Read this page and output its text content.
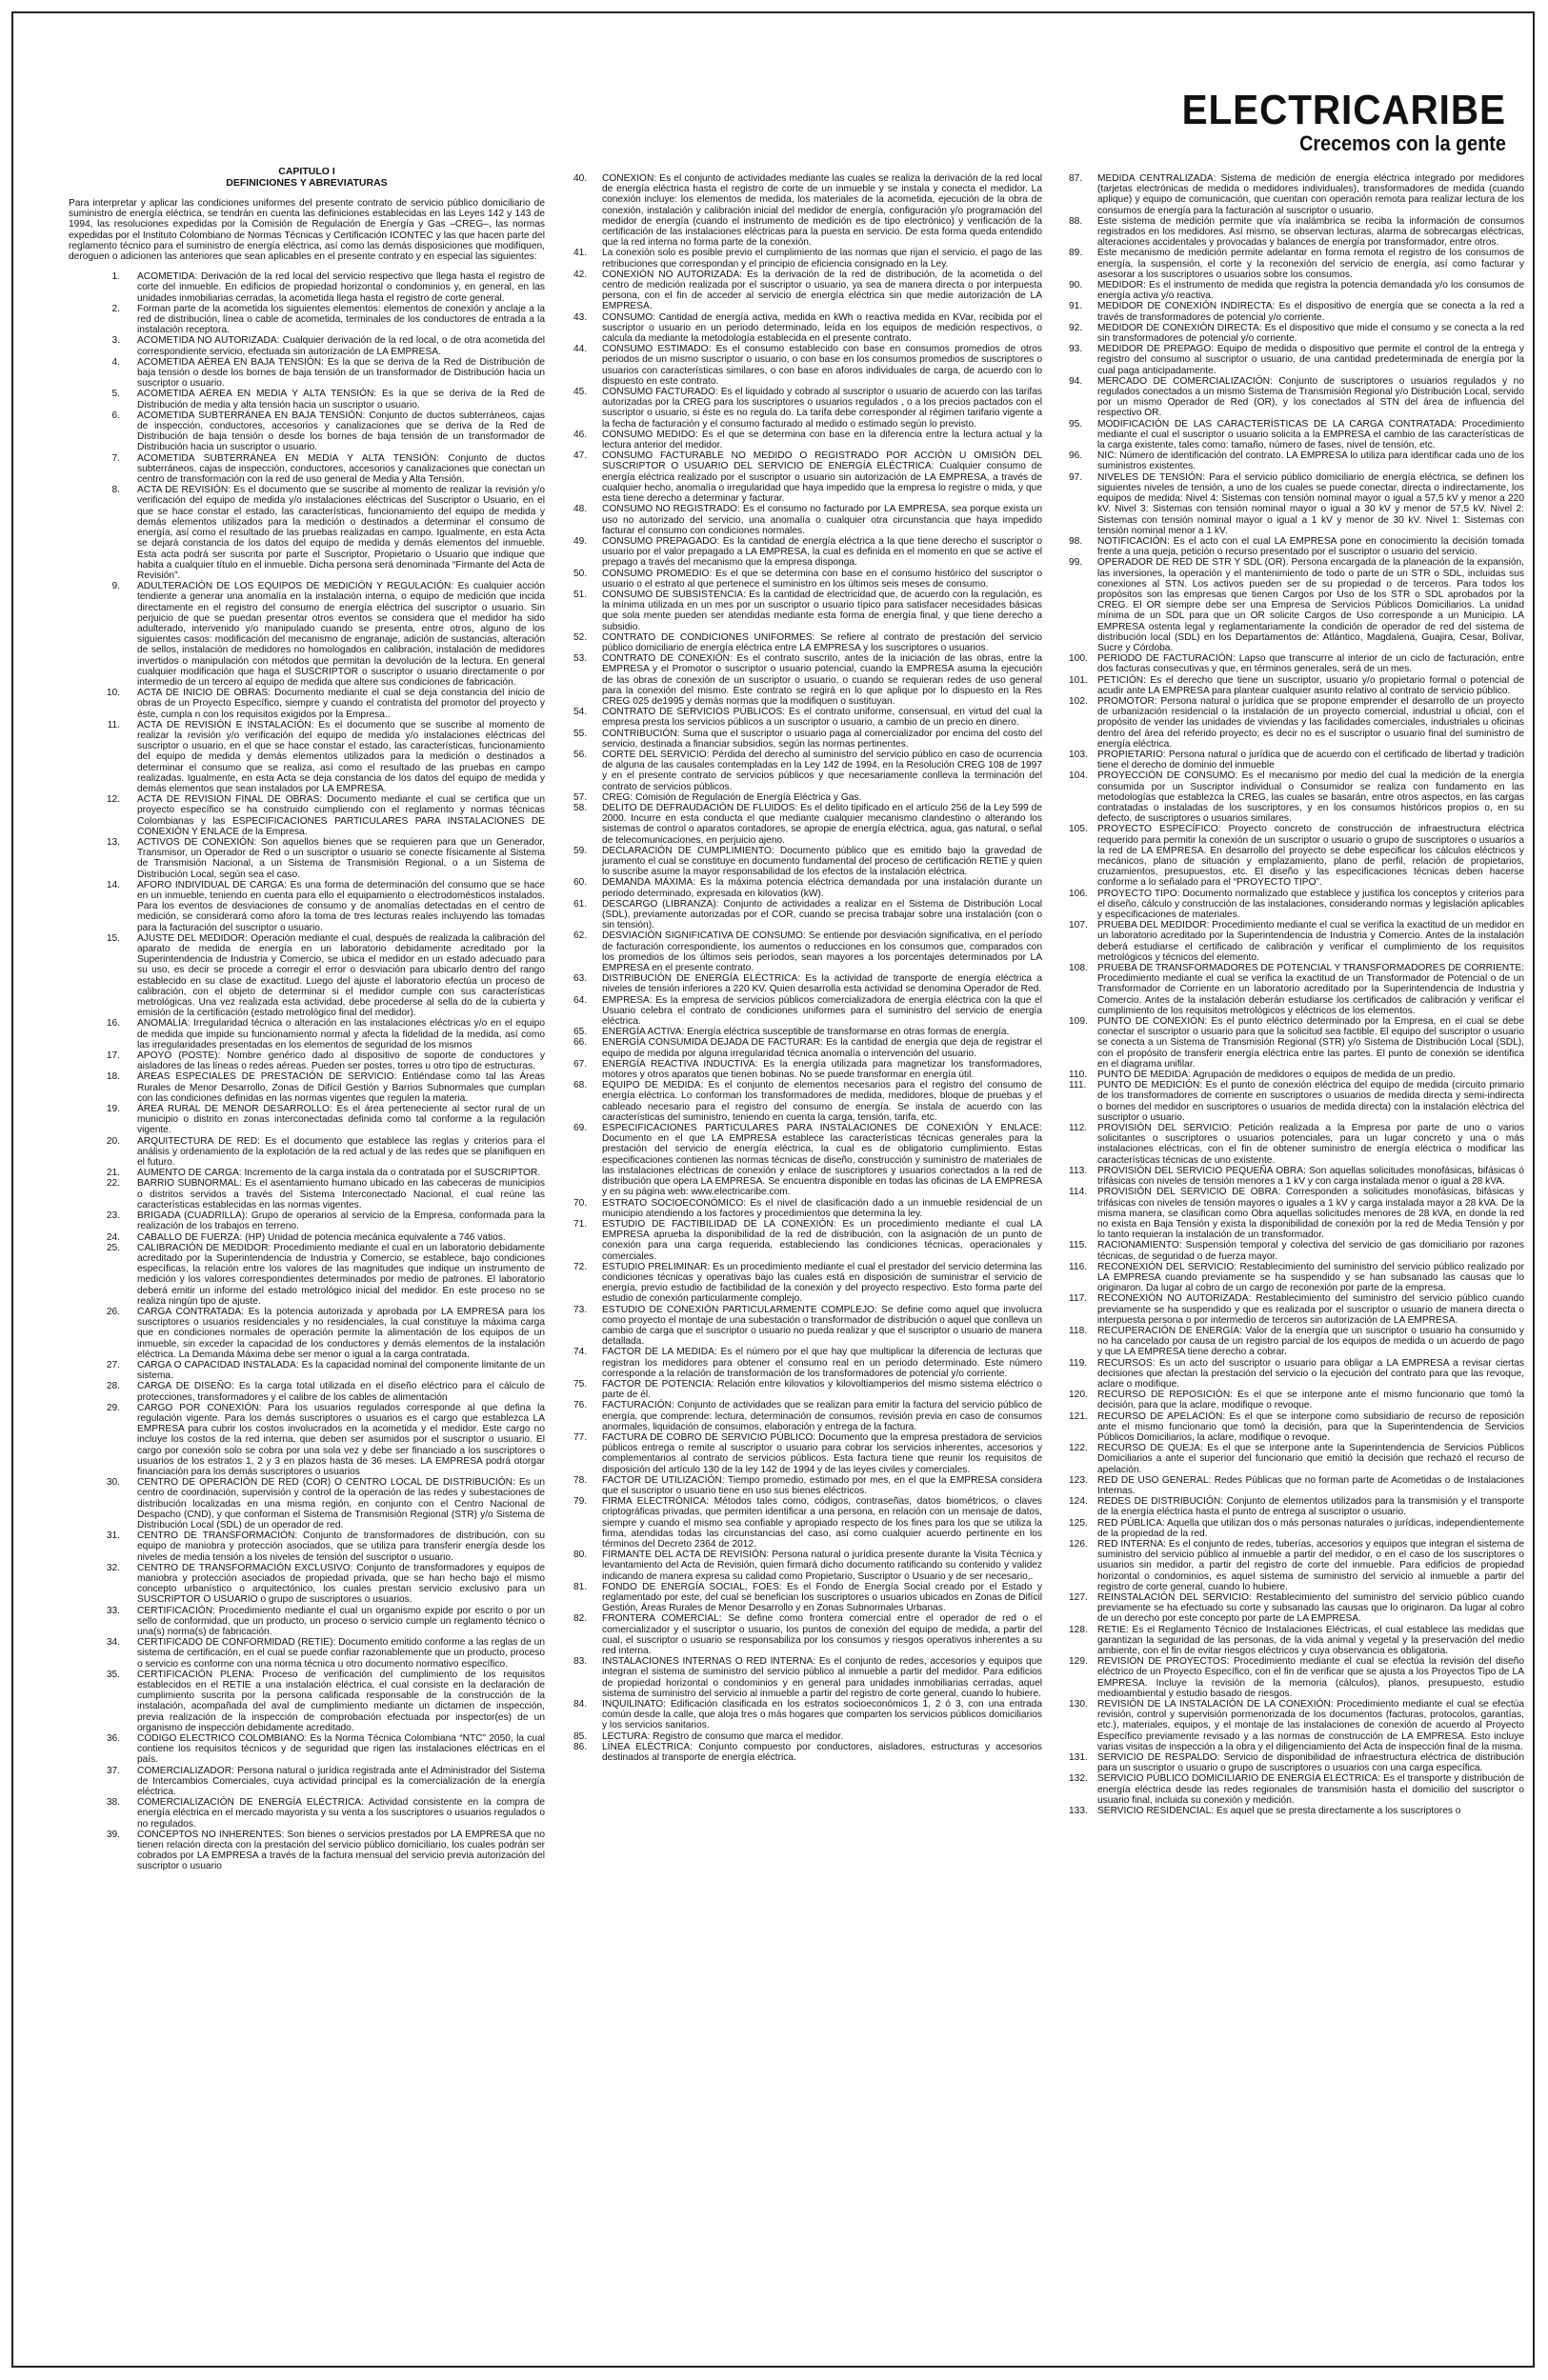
ELECTRICARIBE
Crecemos con la gente
CAPITULO I
DEFINICIONES Y ABREVIATURAS

Para interpretar y aplicar las condiciones uniformes del presente contrato de servicio público domiciliario de suministro de energía eléctrica, se tendrán en cuenta las definiciones establecidas en las Leyes 142 y 143 de 1994, las resoluciones expedidas por la Comisión de Regulación de Energía y Gas –CREG–, las normas expedidas por el Instituto Colombiano de Normas Técnicas y Certificación ICONTEC y las que hacen parte del reglamento técnico para el suministro de energía eléctrica, así como las demás disposiciones que modifiquen, deroguen o adicionen las anteriores que sean aplicables en el presente contrato y en especial las siguientes:

1.	ACOMETIDA: Derivación de la red local del servicio respectivo que llega hasta el registro de corte del inmueble. En edificios de propiedad horizontal o condominios y, en general, en las unidades inmobiliarias cerradas, la acometida llega hasta el registro de corte general.
2.	Forman parte de la acometida los siguientes elementos: elementos de conexión y anclaje a la red de distribución, línea o cable de acometida, terminales de los conductores de entrada a la instalación receptora.
3.	ACOMETIDA NO AUTORIZADA: Cualquier derivación de la red local, o de otra acometida del correspondiente servicio, efectuada sin autorización de LA EMPRESA.
4.	ACOMETIDA AÉREA EN BAJA TENSIÓN: Es la que se deriva de la Red de Distribución de baja tensión o desde los bornes de baja tensión de un transformador de Distribución hacia un suscriptor o usuario.
5.	ACOMETIDA AÉREA EN MEDIA Y ALTA TENSIÓN: Es la que se deriva de la Red de Distribución de media y alta tensión hacia un suscriptor o usuario.
6.	ACOMETIDA SUBTERRÁNEA EN BAJA TENSIÓN: Conjunto de ductos subterráneos, cajas de inspección, conductores, accesorios y canalizaciones que se deriva de la Red de Distribución de baja tensión o desde los bornes de baja tensión de un transformador de Distribución hacia un suscriptor o usuario.
7.	ACOMETIDA SUBTERRÁNEA EN MEDIA Y ALTA TENSIÓN: Conjunto de ductos subterráneos, cajas de inspección, conductores, accesorios y canalizaciones que conectan un centro de transformación con la red de uso general de Media y Alta Tensión.
8.	ACTA DE REVISIÓN: Es el documento que se suscribe al momento de realizar la revisión y/o verificación del equipo de medida y/o instalaciones eléctricas del Suscriptor o Usuario, en el que se hace constar el estado, las características, funcionamiento del equipo de medida y demás elementos utilizados para la medición o destinados a determinar el consumo de energía, así como el resultado de las pruebas realizadas en campo. Igualmente, en esta Acta se dejará constancia de los datos del equipo de medida y demás elementos del inmueble. Esta acta podrá ser suscrita por parte el Suscriptor, Propietario o Usuario que indique que habita a cualquier título en el inmueble. Dicha persona será denominada “Firmante del Acta de Revisión”.
9.	ADULTERACIÓN DE LOS EQUIPOS DE MEDICIÓN Y REGULACIÓN: Es cualquier acción tendiente a generar una anomalía en la instalación interna, o equipo de medición que incida directamente en el registro del consumo de energía eléctrica del suscriptor o usuario. Sin perjuicio de que se puedan presentar otros eventos se considera que el medidor ha sido adulterado, intervenido y/o manipulado cuando se presenta, entre otros, alguno de los siguientes casos: modificación del mecanismo de engranaje, adición de sustancias, alteración de sellos, instalación de medidores no homologados en calibración, instalación de medidores invertidos o manipulación con métodos que permitan la devolución de la lectura. En general cualquier modificación que haga el SUSCRIPTOR o suscriptor o usuario directamente o por intermedio de un tercero al equipo de medida que altere sus condiciones de fabricación.
10.	ACTA DE INICIO DE OBRAS: Documento mediante el cual se deja constancia del inicio de obras de un Proyecto Específico, siempre y cuando el contratista del promotor del proyecto y éste, cumpla n con los requisitos exigidos por la Empresa..
11.	ACTA DE REVISIÓN E INSTALACIÓN: Es el documento que se suscribe al momento de realizar la revisión y/o verificación del equipo de medida y/o instalaciones eléctricas del suscriptor o usuario, en el que se hace constar el estado, las características, funcionamiento del equipo de medida y demás elementos utilizados para la medición o destinados a determinar el consumo que se realiza, así como el resultado de las pruebas en campo realizadas. Igualmente, en esta Acta se deja constancia de los datos del equipo de medida y demás elementos que sean instalados por LA EMPRESA.
12.	ACTA DE REVISION FINAL DE OBRAS: Documento mediante el cual se certifica que un proyecto específico se ha construido cumpliendo con el reglamento y normas técnicas Colombianas y las ESPECIFICACIONES PARTICULARES PARA INSTALACIONES DE CONEXIÓN Y ENLACE de la Empresa.
13.	ACTIVOS DE CONEXIÓN: Son aquellos bienes que se requieren para que un Generador, Transmisor, un Operador de Red o un suscriptor o usuario se conecte físicamente al Sistema de Transmisión Nacional, a un Sistema de Transmisión Regional, o a un Sistema de Distribución Local, según sea el caso.
14.	AFORO INDIVIDUAL DE CARGA: Es una forma de determinación del consumo que se hace en un inmueble, teniendo en cuenta para ello el equipamiento o electrodomésticos instalados. Para los eventos de desviaciones de consumo y de anomalías detectadas en el centro de medición, se considerará como aforo la toma de tres lecturas reales incluyendo las tomadas para la facturación del suscriptor o usuario.
15.	AJUSTE DEL MEDIDOR: Operación mediante el cual, después de realizada la calibración del aparato de medida de energía en un laboratorio debidamente acreditado por la Superintendencia de Industria y Comercio, se ubica el medidor en un estado adecuado para su uso, es decir se procede a corregir el error o desviación para ubicarlo dentro del rango establecido en su clase de exactitud. Luego del ajuste el laboratorio efectúa un proceso de calibración, con el objeto de determinar si el medidor cumple con sus características metrológicas. Una vez realizada esta actividad, debe procederse al sella do de la cubierta y emisión de la certificación (estado metrológico final del medidor).
16.	ANOMALÍA: Irregularidad técnica o alteración en las instalaciones eléctricas y/o en el equipo de medida que impide su funcionamiento normal y afecta la fidelidad de la medida, así como las irregularidades presentadas en los elementos de seguridad de los mismos
17.	APOYO (POSTE): Nombre genérico dado al dispositivo de soporte de conductores y aisladores de las líneas o redes aéreas. Pueden ser postes, torres u otro tipo de estructuras.
18.	ÁREAS ESPECIALES DE PRESTACIÓN DE SERVICIO: Entiéndase como tal las Áreas Rurales de Menor Desarrollo, Zonas de Difícil Gestión y Barrios Subnormales que cumplan con las condiciones definidas en las normas vigentes que regulen la materia.
19.	ÁREA RURAL DE MENOR DESARROLLO: Es el área perteneciente al sector rural de un municipio o distrito en zonas interconectadas definida como tal conforme a la regulación vigente.
20.	ARQUITECTURA DE RED: Es el documento que establece las reglas y criterios para el análisis y ordenamiento de la explotación de la red actual y de las redes que se planifiquen en el futuro.
21.	AUMENTO DE CARGA: Incremento de la carga instala da o contratada por el SUSCRIPTOR.
22.	BARRIO SUBNORMAL: Es el asentamiento humano ubicado en las cabeceras de municipios o distritos servidos a través del Sistema Interconectado Nacional, el cual reúne las características establecidas en las normas vigentes.
23.	BRIGADA (CUADRILLA): Grupo de operarios al servicio de la Empresa, conformada para la realización de los trabajos en terreno.
24.	CABALLO DE FUERZA: (HP) Unidad de potencia mecánica equivalente a 746 vatios.
25.	CALIBRACIÓN DE MEDIDOR: Procedimiento mediante el cual en un laboratorio debidamente acreditado por la Superintendencia de Industria y Comercio, se establece, bajo condiciones específicas, la relación entre los valores de las magnitudes que indique un instrumento de medición y los valores correspondientes determinados por medio de patrones. El laboratorio deberá emitir un informe del estado metrológico inicial del medidor. En este proceso no se realiza ningún tipo de ajuste.
26.	CARGA CONTRATADA: Es la potencia autorizada y aprobada por LA EMPRESA para los suscriptores o usuarios residenciales y no residenciales, la cual constituye la máxima carga que en condiciones normales de operación permite la alimentación de los equipos de un inmueble, sin exceder la capacidad de los conductores y demás elementos de la instalación eléctrica. La Demanda Máxima debe ser menor o igual a la carga contratada.
27.	CARGA O CAPACIDAD INSTALADA: Es la capacidad nominal del componente limitante de un sistema.
28.	CARGA DE DISEÑO: Es la carga total utilizada en el diseño eléctrico para el cálculo de protecciones, transformadores y el calibre de los cables de alimentación
29.	CARGO POR CONEXIÓN: Para los usuarios regulados corresponde al que defina la regulación vigente. Para los demás suscriptores o usuarios es el cargo que establezca LA EMPRESA para cubrir los costos involucrados en la acometida y el medidor. Este cargo no incluye los costos de la red interna, que deben ser asumidos por el suscriptor o usuario. El cargo por conexión solo se cobra por una sola vez y debe ser financiado a los suscriptores o usuarios de los estratos 1, 2 y 3 en plazos hasta de 36 meses. LA EMPRESA podrá otorgar financiación para los demás suscriptores o usuarios
30.	CENTRO DE OPERACIÓN DE RED (COR) O CENTRO LOCAL DE DISTRIBUCIÓN: Es un centro de coordinación, supervisión y control de la operación de las redes y subestaciones de distribución localizadas en una misma región, en conjunto con el Centro Nacional de Despacho (CND), y que conforman el Sistema de Transmisión Regional (STR) y/o Sistema de Distribución Local (SDL) de un operador de red.
31.	CENTRO DE TRANSFORMACIÓN: Conjunto de transformadores de distribución, con su equipo de maniobra y protección asociados, que se utiliza para transferir energía desde los niveles de media tensión a los niveles de tensión del suscriptor o usuario.
32.	CENTRO DE TRANSFORMACIÓN EXCLUSIVO: Conjunto de transformadores y equipos de maniobra y protección asociados de propiedad privada, que se han hecho bajo el mismo concepto urbanístico o arquitectónico, los cuales prestan servicio exclusivo para un SUSCRIPTOR O USUARIO o grupo de suscriptores o usuarios.
33.	CERTIFICACIÓN: Procedimiento mediante el cual un organismo expide por escrito o por un sello de conformidad, que un producto, un proceso o servicio cumple un reglamento técnico o una(s) norma(s) de fabricación.
34.	CERTIFICADO DE CONFORMIDAD (RETIE): Documento emitido conforme a las reglas de un sistema de certificación, en el cual se puede confiar razonablemente que un producto, proceso o servicio es conforme con una norma técnica u otro documento normativo específico.
35.	CERTIFICACIÓN PLENA: Proceso de verificación del cumplimiento de los requisitos establecidos en el RETIE a una instalación eléctrica, el cual consiste en la declaración de cumplimiento suscrita por la persona calificada responsable de la construcción de la instalación, acompañada del aval de cumplimiento mediante un dictamen de inspección, previa realización de la inspección de comprobación efectuada por inspector(es) de un organismo de inspección debidamente acreditado.
36.	CODIGO ELECTRICO COLOMBIANO: Es la Norma Técnica Colombiana “NTC” 2050, la cual contiene los requisitos técnicos y de seguridad que rigen las instalaciones eléctricas en el país.
37.	COMERCIALIZADOR: Persona natural o jurídica registrada ante el Administrador del Sistema de Intercambios Comerciales, cuya actividad principal es la comercialización de la energía eléctrica.
38.	COMERCIALIZACIÓN DE ENERGÍA ELÉCTRICA: Actividad consistente en la compra de energía eléctrica en el mercado mayorista y su venta a los suscriptores o usuarios regulados o no regulados.
39.	CONCEPTOS NO INHERENTES: Son bienes o servicios prestados por LA EMPRESA que no tienen relación directa con la prestación del servicio público domiciliario, los cuales podrán ser cobrados por LA EMPRESA a través de la factura mensual del servicio previa autorización del suscriptor o usuario
40.	CONEXIÓN: Es el conjunto de actividades mediante las cuales se realiza la derivación de la red local de energía eléctrica hasta el registro de corte de un inmueble y se instala y conecta el medidor. La conexión incluye: los elementos de medida, los materiales de la acometida, ejecución de la obra de conexión, instalación y calibración inicial del medidor de energía, configuración y/o programación del medidor de energía (cuando el instrumento de medición es de tipo electrónico) y verificación de la certificación de las instalaciones eléctricas para la puesta en servicio. De esta forma queda entendido que la red interna no forma parte de la conexión.
41.	La conexión solo es posible previo el cumplimiento de las normas que rijan el servicio, el pago de las retribuciones que correspondan y el principio de eficiencia consignado en la Ley.
42.	CONEXIÓN NO AUTORIZADA: Es la derivación de la red de distribución, de la acometida o del centro de medición realizada por el suscriptor o usuario, ya sea de manera directa o por interpuesta persona, con el fin de acceder al servicio de energía eléctrica sin que medie autorización de LA EMPRESA.
43.	CONSUMO: Cantidad de energía activa, medida en kWh o reactiva medida en KVar, recibida por el suscriptor o usuario en un periodo determinado, leída en los equipos de medición respectivos, o calcula da mediante la metodología establecida en el presente contrato.
44.	CONSUMO ESTIMADO: Es el consumo establecido con base en consumos promedios de otros periodos de un mismo suscriptor o usuario, o con base en los consumos promedios de suscriptores o usuarios con características similares, o con base en aforos individuales de carga, de acuerdo con lo dispuesto en este contrato.
45.	CONSUMO FACTURADO: Es el liquidado y cobrado al suscriptor o usuario de acuerdo con las tarifas autorizadas por la CREG para los suscriptores o usuarios regulados , o a los precios pactados con el suscriptor o usuario, si éste es no regula do. La tarifa debe corresponder al régimen tarifario vigente a la fecha de facturación y el consumo facturado al medido o estimado según lo previsto.
46.	CONSUMO MEDIDO: Es el que se determina con base en la diferencia entre la lectura actual y la lectura anterior del medidor.
47.	CONSUMO FACTURABLE NO MEDIDO O REGISTRADO POR ACCIÓN U OMISIÓN DEL SUSCRIPTOR O USUARIO DEL SERVICIO DE ENERGÍA ELÉCTRICA: Cualquier consumo de energía eléctrica realizado por el suscriptor o usuario sin autorización de LA EMPRESA, a través de cualquier hecho, anomalía o irregularidad que haya impedido que la empresa lo registre o mida, y que esta tiene derecho a determinar y facturar.
48.	CONSUMO NO REGISTRADO: Es el consumo no facturado por LA EMPRESA, sea porque exista un uso no autorizado del servicio, una anomalía o cualquier otra circunstancia que haya impedido facturar el consumo con condiciones normales.
49.	CONSUMO PREPAGADO: Es la cantidad de energía eléctrica a la que tiene derecho el suscriptor o usuario por el valor prepagado a LA EMPRESA, la cual es definida en el momento en que se active el prepago a través del mecanismo que la empresa disponga.
50.	CONSUMO PROMEDIO: Es el que se determina con base en el consumo histórico del suscriptor o usuario o el estrato al que pertenece el suministro en los últimos seis meses de consumo.
51.	CONSUMO DE SUBSISTENCIA: Es la cantidad de electricidad que, de acuerdo con la regulación, es la mínima utilizada en un mes por un suscriptor o usuario típico para satisfacer necesidades básicas que sola mente pueden ser atendidas mediante esta forma de energía final, y que tiene derecho a subsidio.
52.	CONTRATO DE CONDICIONES UNIFORMES: Se refiere al contrato de prestación del servicio público domiciliario de energía eléctrica entre LA EMPRESA y los suscriptores o usuarios.
53.	CONTRATO DE CONEXIÓN: Es el contrato suscrito, antes de la iniciación de las obras, entre la EMPRESA y el Promotor o suscriptor o usuario potencial, cuando la EMPRESA asuma la ejecución de las obras de conexión de un suscriptor o usuario, o cuando se requieran redes de uso general para la conexión del mismo. Este contrato se regirá en lo que aplique por lo dispuesto en la Res CREG 025 de1995 y demás normas que la modifiquen o sustituyan.
54.	CONTRATO DE SERVICIOS PÚBLICOS: Es el contrato uniforme, consensual, en virtud del cual la empresa presta los servicios públicos a un suscriptor o usuario, a cambio de un precio en dinero.
55.	CONTRIBUCIÓN: Suma que el suscriptor o usuario paga al comercializador por encima del costo del servicio, destinada a financiar subsidios, según las normas pertinentes.
56.	CORTE DEL SERVICIO: Pérdida del derecho al suministro del servicio público en caso de ocurrencia de alguna de las causales contempladas en la Ley 142 de 1994, en la Resolución CREG 108 de 1997 y en el presente contrato de servicios públicos y que necesariamente conlleva la terminación del contrato de servicios públicos.
57.	CREG: Comisión de Regulación de Energía Eléctrica y Gas.
58.	DELITO DE DEFRAUDACIÓN DE FLUIDOS: Es el delito tipificado en el artículo 256 de la Ley 599 de 2000. Incurre en esta conducta el que mediante cualquier mecanismo clandestino o alterando los sistemas de control o aparatos contadores, se apropie de energía eléctrica, agua, gas natural, o señal de telecomunicaciones, en perjuicio ajeno.
59.	DECLARACIÓN DE CUMPLIMIENTO: Documento público que es emitido bajo la gravedad de juramento el cual se constituye en documento fundamental del proceso de certificación RETIE y quien lo suscribe asume la mayor responsabilidad de los efectos de la instalación eléctrica.
60.	DEMANDA MÁXIMA: Es la máxima potencia eléctrica demandada por una instalación durante un periodo determinado, expresada en kilovatios (kW).
61.	DESCARGO (LIBRANZA): Conjunto de actividades a realizar en el Sistema de Distribución Local (SDL), previamente autorizadas por el COR, cuando se precisa trabajar sobre una instalación (con o sin tensión).
62.	DESVIACIÓN SIGNIFICATIVA DE CONSUMO: Se entiende por desviación significativa, en el período de facturación correspondiente, los aumentos o reducciones en los consumos que, comparados con los promedios de los últimos seis períodos, sean mayores a los porcentajes determinados por LA EMPRESA en el presente contrato.
63.	DISTRIBUCIÓN DE ENERGÍA ELÉCTRICA: Es la actividad de transporte de energía eléctrica a niveles de tensión inferiores a 220 KV. Quien desarrolla esta actividad se denomina Operador de Red.
64.	EMPRESA: Es la empresa de servicios públicos comercializadora de energía eléctrica con la que el Usuario celebra el contrato de condiciones uniformes para el suministro del servicio de energía eléctrica.
65.	ENERGÍA ACTIVA: Energía eléctrica susceptible de transformarse en otras formas de energía.
66.	ENERGÍA CONSUMIDA DEJADA DE FACTURAR: Es la cantidad de energía que deja de registrar el equipo de medida por alguna irregularidad técnica anomalía o intervención del usuario.
67.	ENERGÍA REACTIVA INDUCTIVA: Es la energía utilizada para magnetizar los transformadores, motores y otros aparatos que tienen bobinas. No se puede transformar en energía útil.
68.	EQUIPO DE MEDIDA: Es el conjunto de elementos necesarios para el registro del consumo de energía eléctrica. Lo conforman los transformadores de medida, medidores, bloque de pruebas y el cableado necesario para el registro del consumo de energía. Se instala de acuerdo con las características del suministro, teniendo en cuenta la carga, tensión, tarifa, etc.
69.	ESPECIFICACIONES PARTICULARES PARA INSTALACIONES DE CONEXIÓN Y ENLACE: Documento en el que LA EMPRESA establece las características técnicas generales para la prestación del servicio de energía eléctrica, la cual es de obligatorio cumplimiento. Estas especificaciones contienen las normas técnicas de diseño, construcción y suministro de materiales de las instalaciones eléctricas de conexión y enlace de suscriptores y usuarios conectados a la red de distribución que opera LA EMPRESA. Se encuentra disponible en todas las oficinas de LA EMPRESA y en su página web: www.electricaribe.com.
70.	ESTRATO SOCIOECONÓMICO: Es el nivel de clasificación dado a un inmueble residencial de un municipio atendiendo a los factores y procedimientos que determina la ley.
71.	ESTUDIO DE FACTIBILIDAD DE LA CONEXIÓN: Es un procedimiento mediante el cual LA EMPRESA aprueba la disponibilidad de la red de distribución, con la asignación de un punto de conexión para una carga requerida, estableciendo las condiciones técnicas, operacionales y comerciales.
72.	ESTUDIO PRELIMINAR: Es un procedimiento mediante el cual el prestador del servicio determina las condiciones técnicas y operativas bajo las cuales está en disposición de suministrar el servicio de energía, previo estudio de factibilidad de la conexión y del proyecto respectivo. Esto forma parte del estudio de conexión particularmente complejo.
73.	ESTUDIO DE CONEXIÓN PARTICULARMENTE COMPLEJO: Se define como aquel que involucra como proyecto el montaje de una subestación o transformador de distribución o aquel que conlleva un cambio de carga que el suscriptor o usuario no pueda realizar y que el suscriptor o usuario de manera detallada.
74.	FACTOR DE LA MEDIDA: Es el número por el que hay que multiplicar la diferencia de lecturas que registran los medidores para obtener el consumo real en un periodo determinado. Este número corresponde a la relación de transformación de los transformadores de potencial y/o corriente.
75.	FACTOR DE POTENCIA: Relación entre kilovatios y kilovoltiamperios del mismo sistema eléctrico o parte de él.
76.	FACTURACIÓN: Conjunto de actividades que se realizan para emitir la factura del servicio público de energía, que comprende: lectura, determinación de consumos, revisión previa en caso de consumos anormales, liquidación de consumos, elaboración y entrega de la factura.
77.	FACTURA DE COBRO DE SERVICIO PÚBLICO: Documento que la empresa prestadora de servicios públicos entrega o remite al suscriptor o usuario para cobrar los servicios inherentes, accesorios y complementarios al contrato de servicios públicos. Esta factura tiene que reunir los requisitos de disposición del artículo 130 de la ley 142 de 1994 y de las leyes civiles y comerciales.
78.	FACTOR DE UTILIZACIÓN: Tiempo promedio, estimado por mes, en el que la EMPRESA considera que el suscriptor o usuario tiene en uso sus bienes eléctricos.
79.	FIRMA ELECTRÓNICA: Métodos tales como, códigos, contraseñas, datos biométricos, o claves criptográficas privadas, que permiten identificar a una persona, en relación con un mensaje de datos, siempre y cuando el mismo sea confiable y apropiado respecto de los fines para los que se utiliza la firma, atendidas todas las circunstancias del caso, así como cualquier acuerdo pertinente en los términos del Decreto 2364 de 2012.
80.	FIRMANTE DEL ACTA DE REVISIÓN: Persona natural o jurídica presente durante la Visita Técnica y levantamiento del Acta de Revisión, quien firmará dicho documento ratificando su contenido y validez indicando de manera expresa su calidad como Propietario, Suscriptor o Usuario y de ser necesario,.
81.	FONDO DE ENERGÍA SOCIAL, FOES: Es el Fondo de Energía Social creado por el Estado y reglamentado por este, del cual se benefician los suscriptores o usuarios ubicados en Zonas de Difícil Gestión, Áreas Rurales de Menor Desarrollo y en Zonas Subnormales Urbanas.
82.	FRONTERA COMERCIAL: Se define como frontera comercial entre el operador de red o el comercializador y el suscriptor o usuario, los puntos de conexión del equipo de medida, a partir del cual, el suscriptor o usuario se responsabiliza por los consumos y riesgos operativos inherentes a su red interna.
83.	INSTALACIONES INTERNAS O RED INTERNA: Es el conjunto de redes, accesorios y equipos que integran el sistema de suministro del servicio público al inmueble a partir del medidor. Para edificios de propiedad horizontal o condominios y en general para unidades inmobiliarias cerradas, aquel sistema de suministro del servicio al inmueble a partir del registro de corte general, cuando lo hubiere.
84.	INQUILINATO: Edificación clasificada en los estratos socioeconómicos 1, 2 ó 3, con una entrada común desde la calle, que aloja tres o más hogares que comparten los servicios públicos domiciliarios y los servicios sanitarios.
85.	LECTURA: Registro de consumo que marca el medidor.
86.	LÍNEA ELÉCTRICA: Conjunto compuesto por conductores, aisladores, estructuras y accesorios destinados al transporte de energía eléctrica.
87.	MEDIDA CENTRALIZADA: Sistema de medición de energía eléctrica integrado por medidores (tarjetas electrónicas de medida o medidores individuales), transformadores de medida (cuando aplique) y equipo de comunicación, que cuentan con operación remota para realizar lectura de los consumos de energía para la facturación al suscriptor o usuario.
88.	Este sistema de medición permite que vía inalámbrica se reciba la información de consumos registrados en los medidores. Así mismo, se observan lecturas, alarma de sobrecargas eléctricas, alteraciones accidentales y provocadas y balances de energía por transformador, entre otros.
89.	Este mecanismo de medición permite adelantar en forma remota el registro de los consumos de energía, la suspensión, el corte y la reconexión del servicio de energía, así como facturar y asesorar a los suscriptores o usuarios sobre los consumos.
90.	MEDIDOR: Es el instrumento de medida que registra la potencia demandada y/o los consumos de energía activa y/o reactiva.
91.	MEDIDOR DE CONEXIÓN INDIRECTA: Es el dispositivo de energía que se conecta a la red a través de transformadores de potencial y/o corriente.
92.	MEDIDOR DE CONEXIÓN DIRECTA: Es el dispositivo que mide el consumo y se conecta a la red sin transformadores de potencial y/o corriente.
93.	MEDIDOR DE PREPAGO: Equipo de medida o dispositivo que permite el control de la entrega y registro del consumo al suscriptor o usuario, de una cantidad predeterminada de energía por la cual paga anticipadamente.
94.	MERCADO DE COMERCIALIZACIÓN: Conjunto de suscriptores o usuarios regulados y no regulados conectados a un mismo Sistema de Transmisión Regional y/o Distribución Local, servido por un mismo Operador de Red (OR), y los conectados al STN del área de influencia del respectivo OR.
95.	MODIFICACIÓN DE LAS CARACTERÍSTICAS DE LA CARGA CONTRATADA: Procedimiento mediante el cual el suscriptor o usuario solicita a la EMPRESA el cambio de las características de la carga existente, tales como: tamaño, número de fases, nivel de tensión, etc.
96.	NIC: Número de identificación del contrato. LA EMPRESA lo utiliza para identificar cada uno de los suministros existentes.
97.	NIVELES DE TENSIÓN: Para el servicio público domiciliario de energía eléctrica, se definen los siguientes niveles de tensión, a uno de los cuales se puede conectar, directa o indirectamente, los equipos de medida: Nivel 4: Sistemas con tensión nominal mayor o igual a 57,5 kV y menor a 220 kV. Nivel 3: Sistemas con tensión nominal mayor o igual a 30 kV y menor de 57,5 kV. Nivel 2: Sistemas con tensión nominal mayor o igual a 1 kV y menor de 30 kV. Nivel 1: Sistemas con tensión nominal menor a 1 kV.
98.	NOTIFICACIÓN: Es el acto con el cual LA EMPRESA pone en conocimiento la decisión tomada frente a una queja, petición o recurso presentado por el suscriptor o usuario del servicio.
99.	OPERADOR DE RED DE STR Y SDL (OR). Persona encargada de la planeación de la expansión, las inversiones, la operación y el mantenimiento de todo o parte de un STR o SDL, incluidas sus conexiones al STN. Los activos pueden ser de su propiedad o de terceros. Para todos los propósitos son las empresas que tienen Cargos por Uso de los STR o SDL aprobados por la CREG. El OR siempre debe ser una Empresa de Servicios Públicos Domiciliarios. La unidad mínima de un SDL para que un OR solicite Cargos de Uso corresponde a un Municipio. LA EMPRESA ostenta legal y reglamentariamente la condición de operador de red del sistema de distribución local (SDL) en los Departamentos de: Atlántico, Magdalena, Guajira, Cesar, Bolívar, Sucre y Córdoba.
100. PERIODO DE FACTURACIÓN: Lapso que transcurre al interior de un ciclo de facturación, entre dos facturas consecutivas y que, en términos generales, será de un mes.
101. PETICIÓN: Es el derecho que tiene un suscriptor, usuario y/o propietario formal o potencial de acudir ante LA EMPRESA para plantear cualquier asunto relativo al contrato de servicio público.
102. PROMOTOR: Persona natural o jurídica que se propone emprender el desarrollo de un proyecto de urbanización residencial o la instalación de un proyecto comercial, industrial u oficial, con el propósito de vender las unidades de viviendas y las facilidades comerciales, industriales u oficinas dentro del área del referido proyecto; es decir no es el suscriptor o usuario final del suministro de energía eléctrica.
103. PROPIETARIO: Persona natural o jurídica que de acuerdo con el certificado de libertad y tradición tiene el derecho de dominio del inmueble
104. PROYECCIÓN DE CONSUMO: Es el mecanismo por medio del cual la medición de la energía consumida por un Suscriptor individual o Consumidor se realiza con fundamento en las metodologías que establezca la CREG, las cuales se basarán, entre otros aspectos, en las cargas contratadas o instaladas de los suscriptores, y en los consumos históricos propios o, en su defecto, de suscriptores o usuarios similares.
105. PROYECTO ESPECÍFICO: Proyecto concreto de construcción de infraestructura eléctrica requerido para permitir la conexión de un suscriptor o usuario o grupo de suscriptores o usuarios a la red de LA EMPRESA. En desarrollo del proyecto se debe especificar los cálculos eléctricos y mecánicos, plano de situación y emplazamiento, plano de perfil, relación de propietarios, cruzamientos, presupuestos, etc. El diseño y las especificaciones técnicas deben hacerse conforme a lo señalado para el “PROYECTO TIPO”.
106. PROYECTO TIPO: Documento normalizado que establece y justifica los conceptos y criterios para el diseño, cálculo y construcción de las instalaciones, considerando normas y legislación aplicables y especificaciones de materiales.
107. PRUEBA DEL MEDIDOR: Procedimiento mediante el cual se verifica la exactitud de un medidor en un laboratorio acreditado por la Superintendencia de Industria y Comercio. Antes de la instalación deberá estudiarse el certificado de calibración y verificar el cumplimiento de los requisitos metrológicos y técnicos del elemento.
108. PRUEBA DE TRANSFORMADORES DE POTENCIAL Y TRANSFORMADORES DE CORRIENTE: Procedimiento mediante el cual se verifica la exactitud de un Transformador de Potencial o de un Transformador de Corriente en un laboratorio acreditado por la Superintendencia de Industria y Comercio. Antes de la instalación deberán estudiarse los certificados de calibración y verificar el cumplimiento de los requisitos metrológicos y eléctricos de los elementos.
109. PUNTO DE CONEXIÓN: Es el punto eléctrico determinado por la Empresa, en el cual se debe conectar el suscriptor o usuario para que la solicitud sea factible. El equipo del suscriptor o usuario se conecta a un Sistema de Transmisión Regional (STR) y/o Sistema de Distribución Local (SDL), con el propósito de transferir energía eléctrica entre las partes. El punto de conexión se identifica en el diagrama unifilar.
110.	PUNTO DE MEDIDA: Agrupación de medidores o equipos de medida de un predio.
111.	PUNTO DE MEDICIÓN: Es el punto de conexión eléctrica del equipo de medida (circuito primario de los transformadores de corriente en suscriptores o usuarios de medida directa y semi-indirecta o bornes del medidor en suscriptores o usuarios de medida directa) con la instalación eléctrica del suscriptor o usuario.
112.	PROVISIÓN DEL SERVICIO: Petición realizada a la Empresa por parte de uno o varios solicitantes o suscriptores o usuarios potenciales, para un lugar concreto y una o más instalaciones eléctricas, con el fin de obtener suministro de energía eléctrica o modificar las características técnicas de uno existente.
113.	PROVISIÓN DEL SERVICIO PEQUEÑA OBRA: Son aquellas solicitudes monofásicas, bifásicas ó trifásicas con niveles de tensión menores a 1 kV y con carga instalada menor o igual a 28 kVA.
114.	PROVISIÓN DEL SERVICIO DE OBRA: Corresponden a solicitudes monofásicas, bifásicas y trifásicas con niveles de tensión mayores o iguales a 1 kV y carga instalada mayor a 28 kVA. De la misma manera, se clasifican como Obra aquellas solicitudes menores de 28 kVA, en donde la red no exista en Baja Tensión y exista la disponibilidad de conexión por la red de Media Tensión y por lo tanto requieran la instalación de un transformador.
115.	RACIONAMIENTO: Suspensión temporal y colectiva del servicio de gas domiciliario por razones técnicas, de seguridad o de fuerza mayor.
116.	RECONEXIÓN DEL SERVICIO: Restablecimiento del suministro del servicio público realizado por LA EMPRESA cuando previamente se ha suspendido y se han subsanado las causas que lo originaron. Da lugar al cobro de un cargo de reconexión por parte de la empresa.
117.	RECONEXIÓN NO AUTORIZADA: Restablecimiento del suministro del servicio público cuando previamente se ha suspendido y que es realizada por el suscriptor o usuario de manera directa o interpuesta persona o por intermedio de terceros sin autorización de LA EMPRESA.
118.	RECUPERACIÓN DE ENERGÍA: Valor de la energía que un suscriptor o usuario ha consumido y no ha cancelado por causa de un registro parcial de los equipos de medida o un acuerdo de pago y que LA EMPRESA tiene derecho a cobrar.
119.	RECURSOS: Es un acto del suscriptor o usuario para obligar a LA EMPRESA a revisar ciertas decisiones que afectan la prestación del servicio o la ejecución del contrato para que las revoque, aclare o modifique.
120. RECURSO DE REPOSICIÓN: Es el que se interpone ante el mismo funcionario que tomó la decisión, para que la aclare, modifique o revoque.
121. RECURSO DE APELACIÓN: Es el que se interpone como subsidiario de recurso de reposición ante el mismo funcionario que tomó la decisión, para que la Superintendencia de Servicios Públicos Domiciliarios, la aclare, modifique o revoque.
122. RECURSO DE QUEJA: Es el que se interpone ante la Superintendencia de Servicios Públicos Domiciliarios a ante el superior del funcionario que emitió la decisión que rechazó el recurso de apelación.
123. RED DE USO GENERAL: Redes Públicas que no forman parte de Acometidas o de Instalaciones Internas.
124. REDES DE DISTRIBUCIÓN: Conjunto de elementos utilizados para la transmisión y el transporte de la energía eléctrica hasta el punto de entrega al suscriptor o usuario.
125. RED PÚBLICA: Aquella que utilizan dos o más personas naturales o jurídicas, independientemente de la propiedad de la red.
126. RED INTERNA: Es el conjunto de redes, tuberías, accesorios y equipos que integran el sistema de suministro del servicio público al inmueble a partir del medidor, o en el caso de los suscriptores o usuarios sin medidor, a partir del registro de corte del inmueble. Para edificios de propiedad horizontal o condominios, es aquel sistema de suministro del servicio al inmueble a partir del registro de corte general, cuando lo hubiere.
127. REINSTALACIÓN DEL SERVICIO: Restablecimiento del suministro del servicio público cuando previamente se ha efectuado su corte y subsanado las causas que lo originaron. Da lugar al cobro de un derecho por este concepto por parte de LA EMPRESA.
128. RETIE: Es el Reglamento Técnico de Instalaciones Eléctricas, el cual establece las medidas que garantizan la seguridad de las personas, de la vida animal y vegetal y la preservación del medio ambiente, con el fin de evitar riesgos eléctricos y cuya observancia es obligatoria.
129. REVISIÓN DE PROYECTOS: Procedimiento mediante el cual se efectúa la revisión del diseño eléctrico de un Proyecto Específico, con el fin de verificar que se ajusta a los Proyectos Tipo de LA EMPRESA. Incluye la revisión de la memoria (cálculos), planos, presupuesto, estudio medioambiental y estudio basado de riesgos.
130. REVISIÓN DE LA INSTALACIÓN DE LA CONEXIÓN: Procedimiento mediante el cual se efectúa revisión, control y supervisión pormenorizada de los documentos (facturas, protocolos, garantías, etc.), materiales, equipos, y el montaje de las instalaciones de conexión de acuerdo al Proyecto Específico previamente revisado y a las normas de construcción de LA EMPRESA. Esto incluye varias visitas de inspección a la obra y el diligenciamiento del Acta de inspección final de la misma.
131. SERVICIO DE RESPALDO: Servicio de disponibilidad de infraestructura eléctrica de distribución para un suscriptor o usuario o grupo de suscriptores o usuarios con una carga específica.
132. SERVICIO PÚBLICO DOMICILIARIO DE ENERGÍA ELÉCTRICA: Es el transporte y distribución de energía eléctrica desde las redes regionales de transmisión hasta el domicilio del suscriptor o usuario final, incluida su conexión y medición.
133. SERVICIO RESIDENCIAL: Es aquel que se presta directamente a los suscriptores o
